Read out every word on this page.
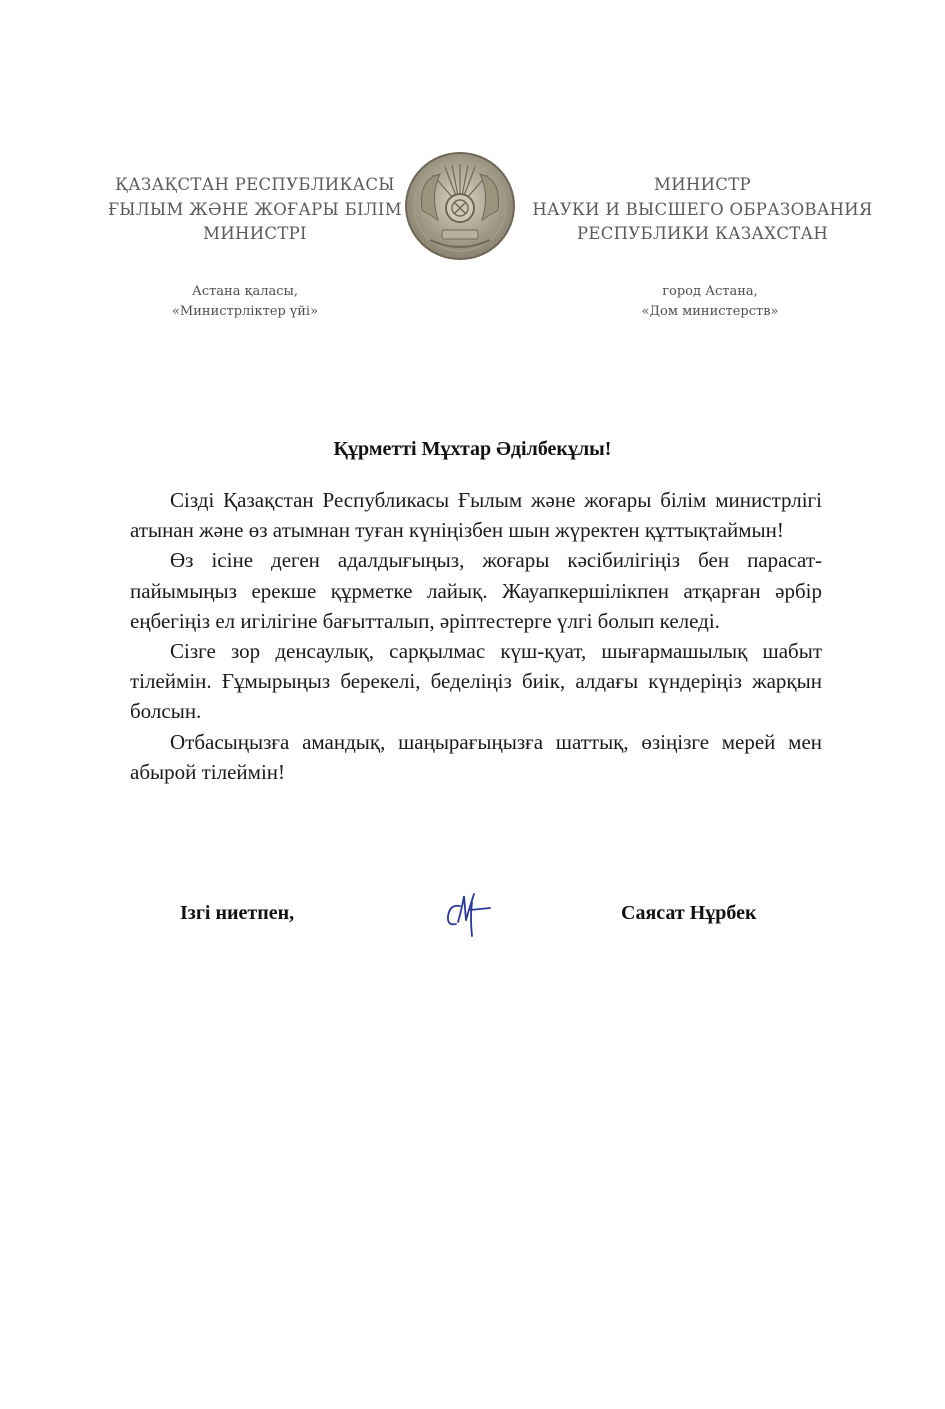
ҚАЗАҚСТАН РЕСПУБЛИКАСЫ
ҒЫЛЫМ ЖӘНЕ ЖОҒАРЫ БІЛІМ
МИНИСТРІ
МИНИСТР
НАУКИ И ВЫСШЕГО ОБРАЗОВАНИЯ
РЕСПУБЛИКИ КАЗАХСТАН
Астана қаласы,
«Министрліктер үйі»
город Астана,
«Дом министерств»
Құрметті Мұхтар Әділбекұлы!

Сізді Қазақстан Республикасы Ғылым және жоғары білім министрлігі атынан және өз атымнан туған күніңізбен шын жүректен құттықтаймын!

Өз ісіне деген адалдығыңыз, жоғары кәсібилігіңіз бен парасат-пайымыңыз ерекше құрметке лайық. Жауапкершілікпен атқарған әрбір еңбегіңіз ел игілігіне бағытталып, әріптестерге үлгі болып келеді.

Сізге зор денсаулық, сарқылмас күш-қуат, шығармашылық шабыт тілеймін. Ғұмырыңыз берекелі, беделіңіз биік, алдағы күндеріңіз жарқын болсын.

Отбасыңызға амандық, шаңырағыңызға шаттық, өзіңізге мерей мен абырой тілеймін!

Ізгі ниетпен,	Саясат Нұрбек
